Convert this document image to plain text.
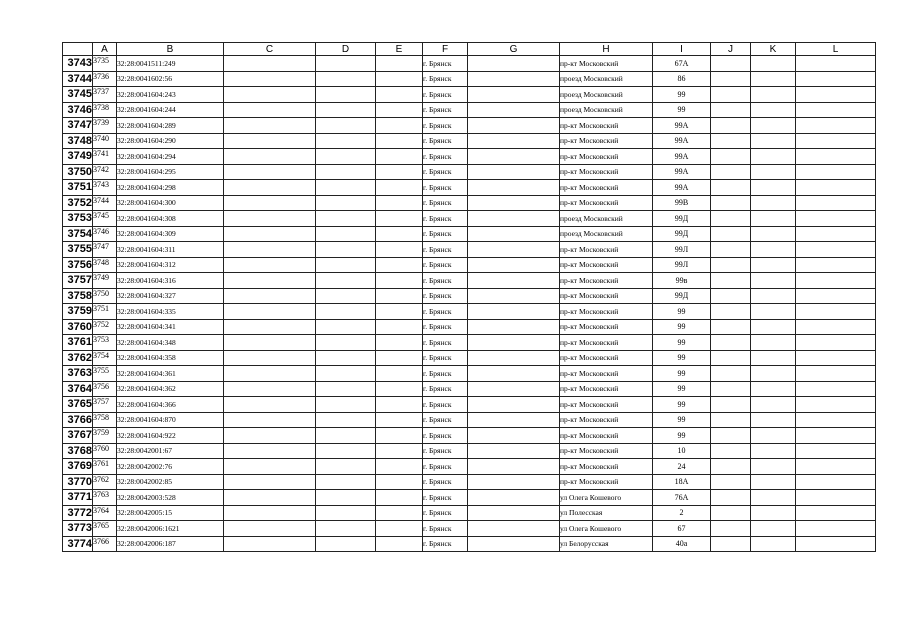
	A	B	C	D	E	F	G	H	I	J	K	L
3743	3735	32:28:0041511:249				г. Брянск		пр-кт Московский	67А			
3744	3736	32:28:0041602:56				г. Брянск		проезд Московский	86			
3745	3737	32:28:0041604:243				г. Брянск		проезд Московский	99			
3746	3738	32:28:0041604:244				г. Брянск		проезд Московский	99			
3747	3739	32:28:0041604:289				г. Брянск		пр-кт Московский	99А			
3748	3740	32:28:0041604:290				г. Брянск		пр-кт Московский	99А			
3749	3741	32:28:0041604:294				г. Брянск		пр-кт Московский	99А			
3750	3742	32:28:0041604:295				г. Брянск		пр-кт Московский	99А			
3751	3743	32:28:0041604:298				г. Брянск		пр-кт Московский	99А			
3752	3744	32:28:0041604:300				г. Брянск		пр-кт Московский	99В			
3753	3745	32:28:0041604:308				г. Брянск		проезд Московский	99Д			
3754	3746	32:28:0041604:309				г. Брянск		проезд Московский	99Д			
3755	3747	32:28:0041604:311				г. Брянск		пр-кт Московский	99Л			
3756	3748	32:28:0041604:312				г. Брянск		пр-кт Московский	99Л			
3757	3749	32:28:0041604:316				г. Брянск		пр-кт Московский	99в			
3758	3750	32:28:0041604:327				г. Брянск		пр-кт Московский	99Д			
3759	3751	32:28:0041604:335				г. Брянск		пр-кт Московский	99			
3760	3752	32:28:0041604:341				г. Брянск		пр-кт Московский	99			
3761	3753	32:28:0041604:348				г. Брянск		пр-кт Московский	99			
3762	3754	32:28:0041604:358				г. Брянск		пр-кт Московский	99			
3763	3755	32:28:0041604:361				г. Брянск		пр-кт Московский	99			
3764	3756	32:28:0041604:362				г. Брянск		пр-кт Московский	99			
3765	3757	32:28:0041604:366				г. Брянск		пр-кт Московский	99			
3766	3758	32:28:0041604:870				г. Брянск		пр-кт Московский	99			
3767	3759	32:28:0041604:922				г. Брянск		пр-кт Московский	99			
3768	3760	32:28:0042001:67				г. Брянск		пр-кт Московский	10			
3769	3761	32:28:0042002:76				г. Брянск		пр-кт Московский	24			
3770	3762	32:28:0042002:85				г. Брянск		пр-кт Московский	18А			
3771	3763	32:28:0042003:528				г. Брянск		ул Олега Кошевого	76А			
3772	3764	32:28:0042005:15				г. Брянск		ул Полесская	2			
3773	3765	32:28:0042006:1621				г. Брянск		ул Олега Кошевого	67			
3774	3766	32:28:0042006:187				г. Брянск		ул Белорусская	40а			
